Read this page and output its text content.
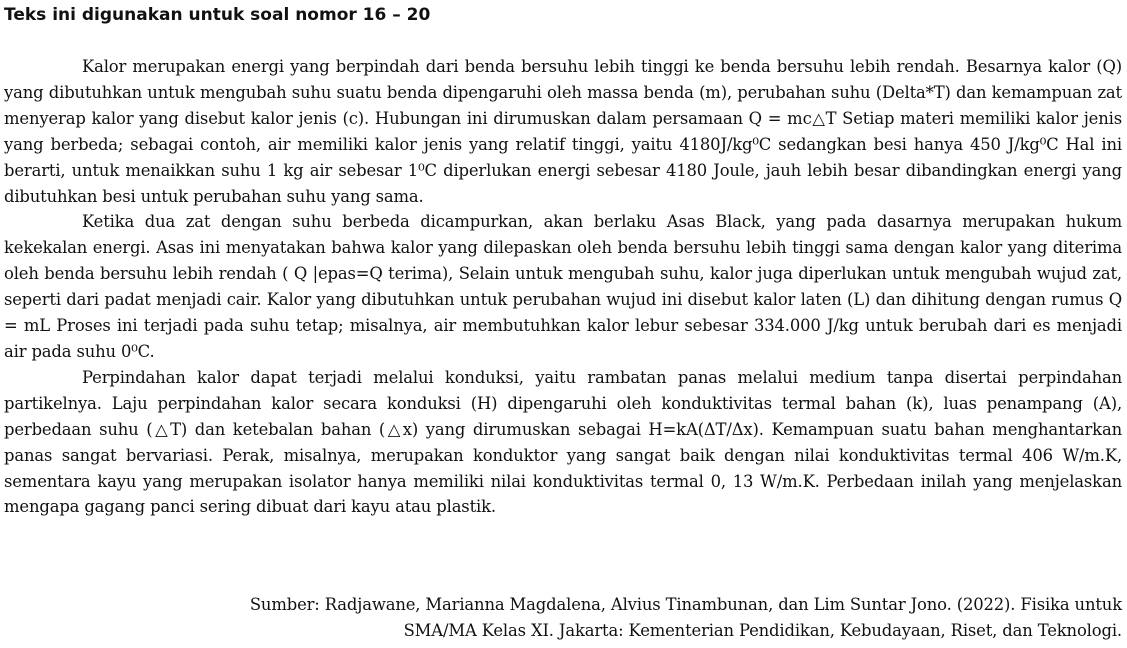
Teks ini digunakan untuk soal nomor 16 – 20

Kalor merupakan energi yang berpindah dari benda bersuhu lebih tinggi ke benda bersuhu lebih rendah. Besarnya kalor (Q) yang dibutuhkan untuk mengubah suhu suatu benda dipengaruhi oleh massa benda (m), perubahan suhu (Delta*T) dan kemampuan zat menyerap kalor yang disebut kalor jenis (c). Hubungan ini dirumuskan dalam persamaan Q = mc△T Setiap materi memiliki kalor jenis yang berbeda; sebagai contoh, air memiliki kalor jenis yang relatif tinggi, yaitu 4180J/kg⁰C sedangkan besi hanya 450 J/kg⁰C Hal ini berarti, untuk menaikkan suhu 1 kg air sebesar 1⁰C diperlukan energi sebesar 4180 Joule, jauh lebih besar dibandingkan energi yang dibutuhkan besi untuk perubahan suhu yang sama.

Ketika dua zat dengan suhu berbeda dicampurkan, akan berlaku Asas Black, yang pada dasarnya merupakan hukum kekekalan energi. Asas ini menyatakan bahwa kalor yang dilepaskan oleh benda bersuhu lebih tinggi sama dengan kalor yang diterima oleh benda bersuhu lebih rendah ( Q |epas=Q terima), Selain untuk mengubah suhu, kalor juga diperlukan untuk mengubah wujud zat, seperti dari padat menjadi cair. Kalor yang dibutuhkan untuk perubahan wujud ini disebut kalor laten (L) dan dihitung dengan rumus Q = mL Proses ini terjadi pada suhu tetap; misalnya, air membutuhkan kalor lebur sebesar 334.000 J/kg untuk berubah dari es menjadi air pada suhu 0⁰C.

Perpindahan kalor dapat terjadi melalui konduksi, yaitu rambatan panas melalui medium tanpa disertai perpindahan partikelnya. Laju perpindahan kalor secara konduksi (H) dipengaruhi oleh konduktivitas termal bahan (k), luas penampang (A), perbedaan suhu (△T) dan ketebalan bahan (△x) yang dirumuskan sebagai H=kA(ΔT/Δx). Kemampuan suatu bahan menghantarkan panas sangat bervariasi. Perak, misalnya, merupakan konduktor yang sangat baik dengan nilai konduktivitas termal 406 W/m.K, sementara kayu yang merupakan isolator hanya memiliki nilai konduktivitas termal 0, 13 W/m.K. Perbedaan inilah yang menjelaskan mengapa gagang panci sering dibuat dari kayu atau plastik.

Sumber: Radjawane, Marianna Magdalena, Alvius Tinambunan, dan Lim Suntar Jono. (2022). Fisika untuk
SMA/MA Kelas XI. Jakarta: Kementerian Pendidikan, Kebudayaan, Riset, dan Teknologi.
